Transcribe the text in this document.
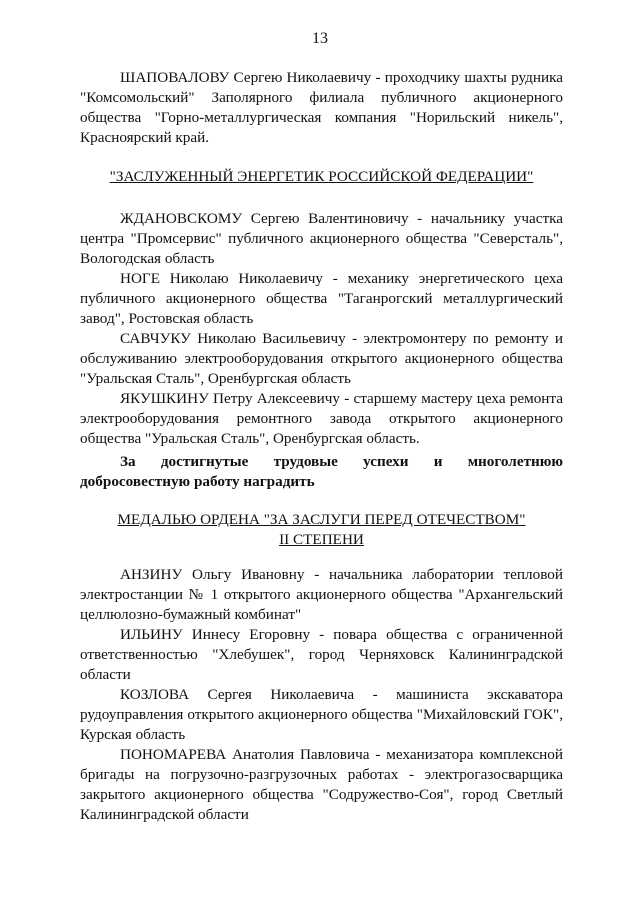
13

ШАПОВАЛОВУ Сергею Николаевичу - проходчику шахты рудника "Комсомольский" Заполярного филиала публичного акционерного общества "Горно-металлургическая компания "Норильский никель", Красноярский край.

"ЗАСЛУЖЕННЫЙ ЭНЕРГЕТИК РОССИЙСКОЙ ФЕДЕРАЦИИ"

ЖДАНОВСКОМУ Сергею Валентиновичу - начальнику участка центра "Промсервис" публичного акционерного общества "Северсталь", Вологодская область

НОГЕ Николаю Николаевичу - механику энергетического цеха публичного акционерного общества "Таганрогский металлургический завод", Ростовская область

САВЧУКУ Николаю Васильевичу - электромонтеру по ремонту и обслуживанию электрооборудования открытого акционерного общества "Уральская Сталь", Оренбургская область

ЯКУШКИНУ Петру Алексеевичу - старшему мастеру цеха ремонта электрооборудования ремонтного завода открытого акционерного общества "Уральская Сталь", Оренбургская область.

За достигнутые трудовые успехи и многолетнюю добросовестную работу наградить

МЕДАЛЬЮ ОРДЕНА "ЗА ЗАСЛУГИ ПЕРЕД ОТЕЧЕСТВОМ"

II СТЕПЕНИ

АНЗИНУ Ольгу Ивановну - начальника лаборатории тепловой электростанции № 1 открытого акционерного общества "Архангельский целлюлозно-бумажный комбинат"

ИЛЬИНУ Иннесу Егоровну - повара общества с ограниченной ответственностью "Хлебушек", город Черняховск Калининградской области

КОЗЛОВА Сергея Николаевича - машиниста экскаватора рудоуправления открытого акционерного общества "Михайловский ГОК", Курская область

ПОНОМАРЕВА Анатолия Павловича - механизатора комплексной бригады на погрузочно-разгрузочных работах - электрогазосварщика закрытого акционерного общества "Содружество-Соя", город Светлый Калининградской области
